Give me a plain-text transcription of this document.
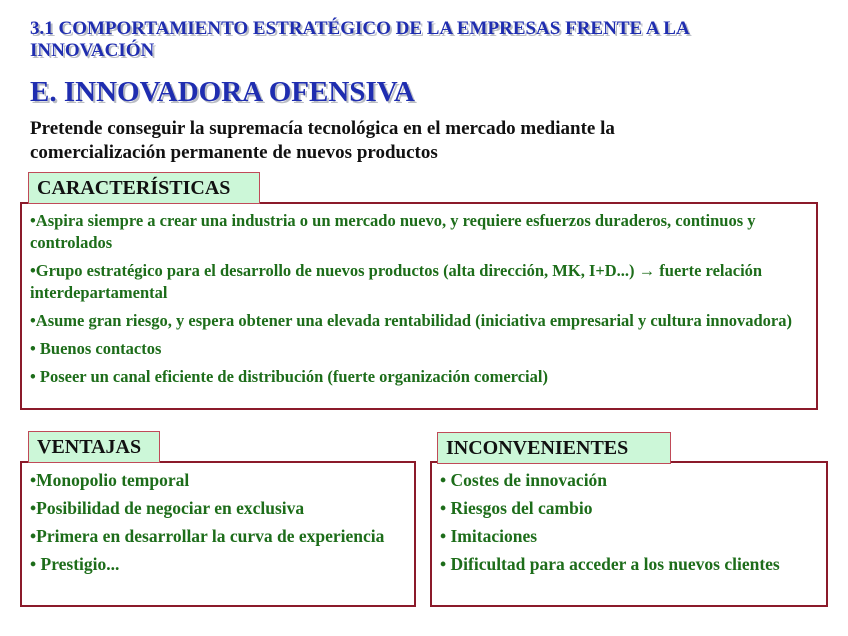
3.1 COMPORTAMIENTO ESTRATÉGICO DE LA EMPRESAS FRENTE A LA INNOVACIÓN
E. INNOVADORA OFENSIVA
Pretende conseguir la supremacía tecnológica en el mercado mediante la comercialización permanente de nuevos productos
•Aspira siempre a crear una industria o un mercado nuevo, y requiere esfuerzos duraderos, continuos y controlados
•Grupo estratégico para el desarrollo de nuevos productos (alta dirección, MK, I+D...) → fuerte relación interdepartamental
•Asume gran riesgo, y espera obtener una elevada rentabilidad (iniciativa empresarial y cultura innovadora)
• Buenos contactos
• Poseer un canal eficiente de distribución (fuerte organización comercial)
CARACTERÍSTICAS
•Monopolio temporal
•Posibilidad de negociar en exclusiva
•Primera en desarrollar la curva de experiencia
• Prestigio...
VENTAJAS
• Costes de innovación
• Riesgos del cambio
• Imitaciones
• Dificultad para acceder a los nuevos clientes
INCONVENIENTES
